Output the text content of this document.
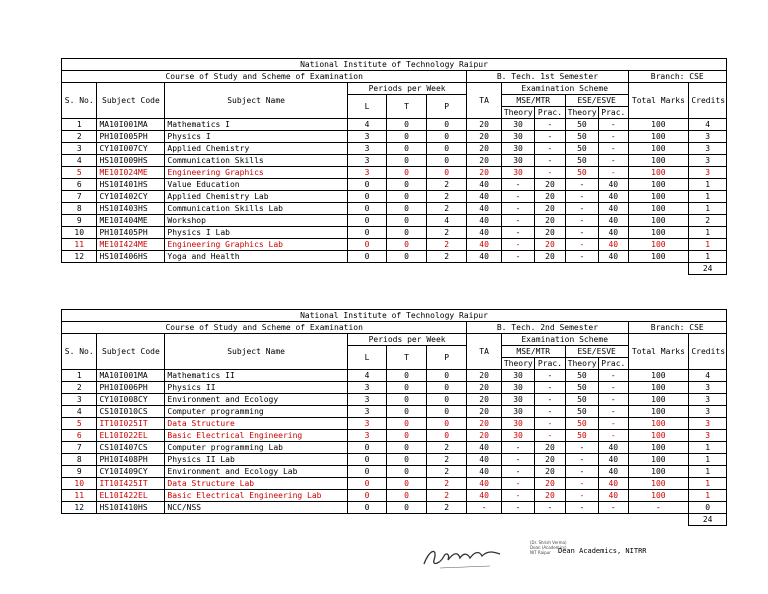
National Institute of Technology Raipur												
Course of Study and Scheme of Examination						B. Tech. 1st Semester					Branch: CSE	
S. No.	Subject Code	Subject Name	Periods per Week			TA	Examination Scheme				Total Marks	Credits
			L	T	P		MSE/MTR		ESE/ESVE			
							Theory	Prac.	Theory	Prac.		
1	MA10I001MA	Mathematics I	4	0	0	20	30	-	50	-	100	4
2	PH10I005PH	Physics I	3	0	0	20	30	-	50	-	100	3
3	CY10I007CY	Applied Chemistry	3	0	0	20	30	-	50	-	100	3
4	HS10I009HS	Communication Skills	3	0	0	20	30	-	50	-	100	3
5	ME10I024ME	Engineering Graphics	3	0	0	20	30	-	50	-	100	3
6	HS10I401HS	Value Education	0	0	2	40	-	20	-	40	100	1
7	CY10I402CY	Applied Chemistry Lab	0	0	2	40	-	20	-	40	100	1
8	HS10I403HS	Communication Skills Lab	0	0	2	40	-	20	-	40	100	1
9	ME10I404ME	Workshop	0	0	4	40	-	20	-	40	100	2
10	PH10I405PH	Physics I Lab	0	0	2	40	-	20	-	40	100	1
11	ME10I424ME	Engineering Graphics Lab	0	0	2	40	-	20	-	40	100	1
12	HS10I406HS	Yoga and Health	0	0	2	40	-	20	-	40	100	1
												24
National Institute of Technology Raipur												
Course of Study and Scheme of Examination						B. Tech. 2nd Semester					Branch: CSE	
S. No.	Subject Code	Subject Name	Periods per Week			TA	Examination Scheme				Total Marks	Credits
			L	T	P		MSE/MTR		ESE/ESVE			
							Theory	Prac.	Theory	Prac.		
1	MA10I001MA	Mathematics II	4	0	0	20	30	-	50	-	100	4
2	PH10I006PH	Physics II	3	0	0	20	30	-	50	-	100	3
3	CY10I008CY	Environment and Ecology	3	0	0	20	30	-	50	-	100	3
4	CS10I010CS	Computer programming	3	0	0	20	30	-	50	-	100	3
5	IT10I025IT	Data Structure	3	0	0	20	30	-	50	-	100	3
6	EL10I022EL	Basic Electrical Engineering	3	0	0	20	30	-	50	-	100	3
7	CS10I407CS	Computer programming Lab	0	0	2	40	-	20	-	40	100	1
8	PH10I408PH	Physics II Lab	0	0	2	40	-	20	-	40	100	1
9	CY10I409CY	Environment and Ecology Lab	0	0	2	40	-	20	-	40	100	1
10	IT10I425IT	Data Structure Lab	0	0	2	40	-	20	-	40	100	1
11	EL10I422EL	Basic Electrical Engineering Lab	0	0	2	40	-	20	-	40	100	1
12	HS10I410HS	NCC/NSS	0	0	2	-	-	-	-	-	-	0
												24
(Dr. Shrish Verma)
Dean (Academics)
NIT Raipur	Dean Academics, NITRR
